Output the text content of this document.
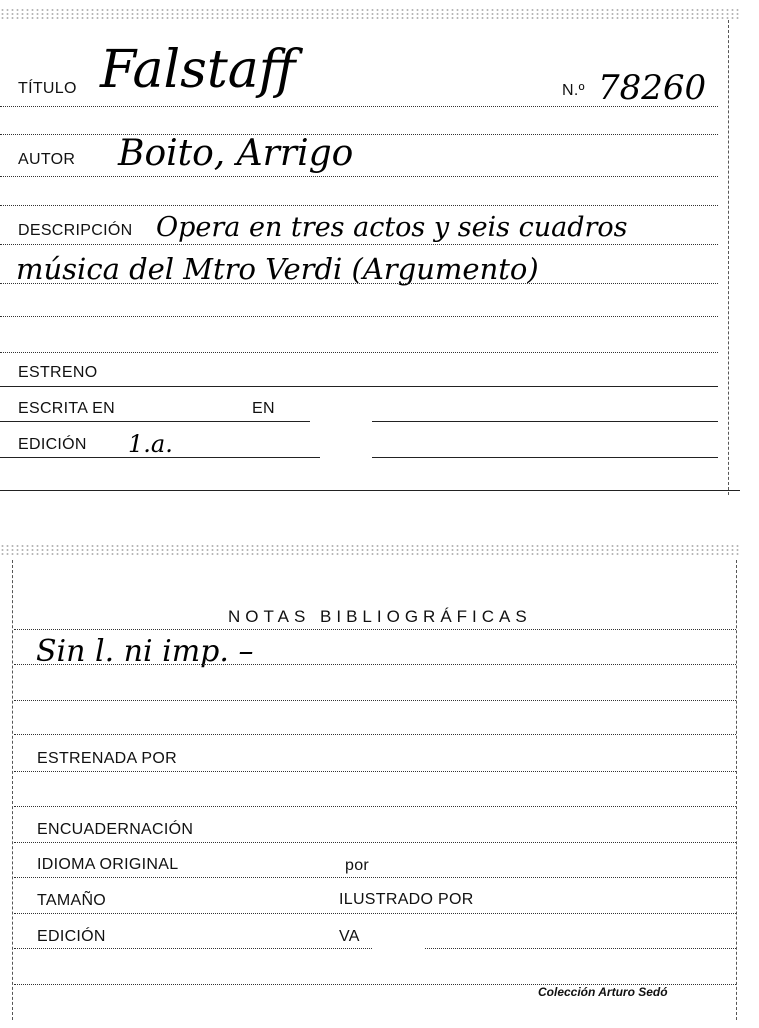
TÍTULO Falstaff	N.º 78260
AUTOR Boito, Arrigo
DESCRIPCIÓN Opera en tres actos y seis cuadros
música del Mtro Verdi (Argumento)
ESTRENO
ESCRITA EN	EN
EDICIÓN 1.a.
NOTAS BIBLIOGRÁFICAS
Sin l. ni imp. –
ESTRENADA POR
ENCUADERNACIÓN
IDIOMA ORIGINAL	por
TAMAÑO	ILUSTRADO POR
EDICIÓN	VA
Colección Arturo Sedó
